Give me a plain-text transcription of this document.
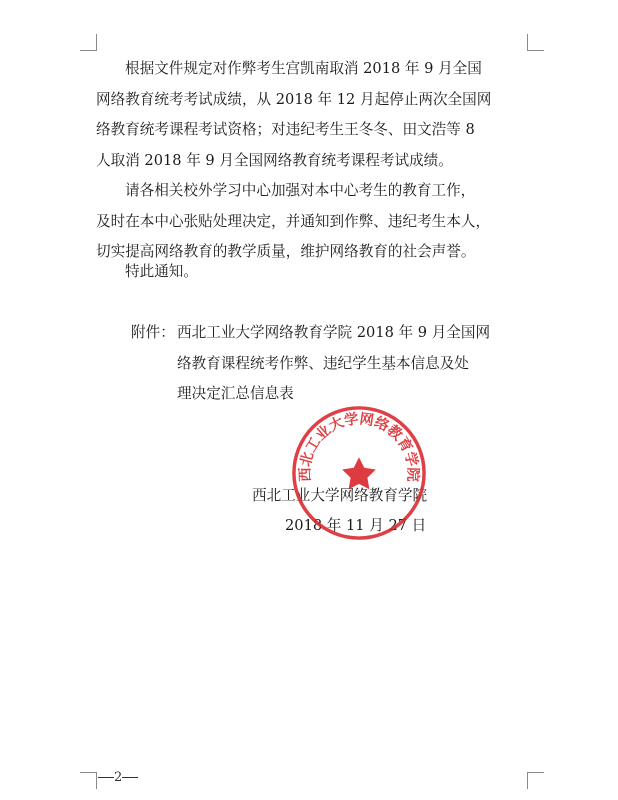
根据文件规定对作弊考生宫凯南取消 2018 年 9 月全国

网络教育统考考试成绩，从 2018 年 12 月起停止两次全国网

络教育统考课程考试资格；对违纪考生王冬冬、田文浩等 8

人取消 2018 年 9 月全国网络教育统考课程考试成绩。

请各相关校外学习中心加强对本中心考生的教育工作，

及时在本中心张贴处理决定，并通知到作弊、违纪考生本人，

切实提高网络教育的教学质量，维护网络教育的社会声誉。

特此通知。

附件： 西北工业大学网络教育学院 2018 年 9 月全国网
络教育课程统考作弊、违纪学生基本信息及处
理决定汇总信息表
西北工业大学网络教育学院
2018 年 11 月 27 日
西北工业大学网络教育学院
2
